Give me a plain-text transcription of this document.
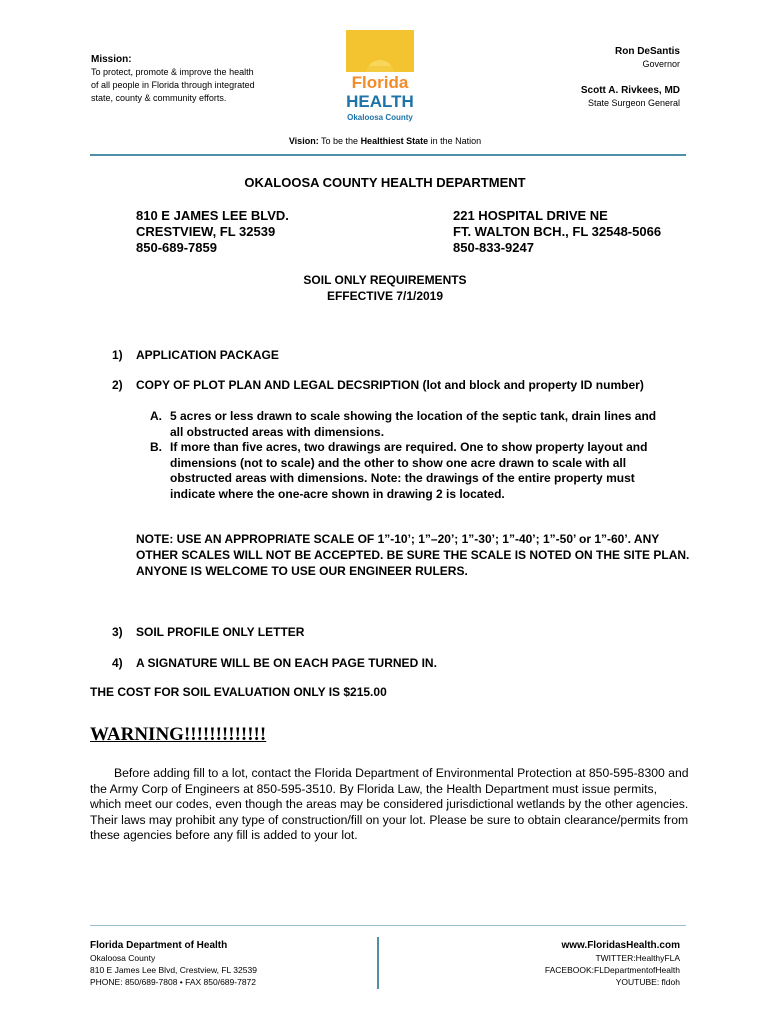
Mission:
To protect, promote & improve the health of all people in Florida through integrated state, county & community efforts.
Florida
HEALTH
Okaloosa County
Ron DeSantis
Governor
Scott A. Rivkees, MD
State Surgeon General
Vision: To be the Healthiest State in the Nation
OKALOOSA COUNTY HEALTH DEPARTMENT
810 E JAMES LEE BLVD.
CRESTVIEW, FL 32539
850-689-7859
221 HOSPITAL DRIVE NE
FT. WALTON BCH., FL 32548-5066
850-833-9247
SOIL ONLY REQUIREMENTS
EFFECTIVE 7/1/2019
1) APPLICATION PACKAGE
2) COPY OF PLOT PLAN AND LEGAL DECSRIPTION (lot and block and property ID number)
A. 5 acres or less drawn to scale showing the location of the septic tank, drain lines and all obstructed areas with dimensions.
B. If more than five acres, two drawings are required. One to show property layout and dimensions (not to scale) and the other to show one acre drawn to scale with all obstructed areas with dimensions. Note: the drawings of the entire property must indicate where the one-acre shown in drawing 2 is located.
NOTE: USE AN APPROPRIATE SCALE OF 1”-10’; 1”–20’; 1”-30’; 1”-40’; 1”-50’ or 1”-60’. ANY OTHER SCALES WILL NOT BE ACCEPTED. BE SURE THE SCALE IS NOTED ON THE SITE PLAN. ANYONE IS WELCOME TO USE OUR ENGINEER RULERS.
3) SOIL PROFILE ONLY LETTER
4) A SIGNATURE WILL BE ON EACH PAGE TURNED IN.
THE COST FOR SOIL EVALUATION ONLY IS $215.00
WARNING!!!!!!!!!!!!!
Before adding fill to a lot, contact the Florida Department of Environmental Protection at 850-595-8300 and the Army Corp of Engineers at 850-595-3510. By Florida Law, the Health Department must issue permits, which meet our codes, even though the areas may be considered jurisdictional wetlands by the other agencies. Their laws may prohibit any type of construction/fill on your lot. Please be sure to obtain clearance/permits from these agencies before any fill is added to your lot.
Florida Department of Health
Okaloosa County
810 E James Lee Blvd, Crestview, FL 32539
PHONE: 850/689-7808 • FAX 850/689-7872
www.FloridasHealth.com
TWITTER:HealthyFLA
FACEBOOK:FLDepartmentofHealth
YOUTUBE: fldoh
